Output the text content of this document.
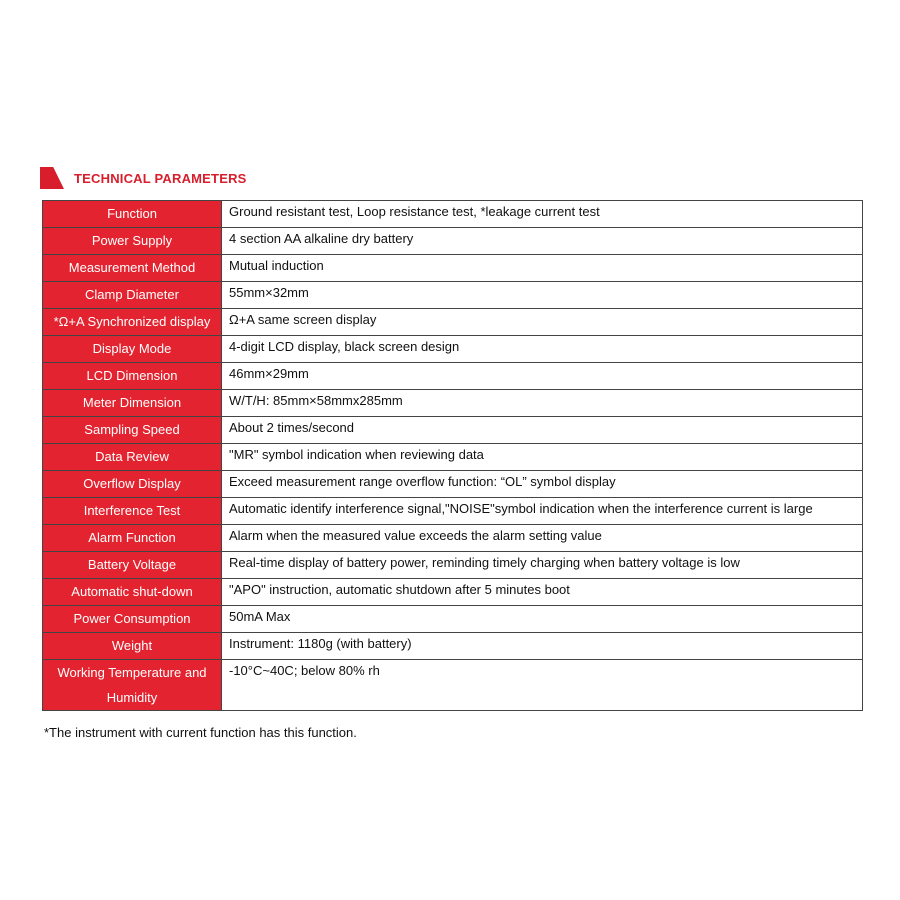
TECHNICAL PARAMETERS
Function	Ground resistant test, Loop resistance test, *leakage current test
Power Supply	4 section AA alkaline dry battery
Measurement Method	Mutual induction
Clamp Diameter	55mm×32mm
*Ω+A Synchronized display	Ω+A same screen display
Display Mode	4-digit LCD display, black screen design
LCD Dimension	46mm×29mm
Meter Dimension	W/T/H: 85mm×58mmx285mm
Sampling Speed	About 2 times/second
Data Review	"MR" symbol indication when reviewing data
Overflow Display	Exceed measurement range overflow function: “OL” symbol display
Interference Test	Automatic identify interference signal,"NOISE"symbol indication when the interference current is large
Alarm Function	Alarm when the measured value exceeds the alarm setting value
Battery Voltage	Real-time display of battery power, reminding timely charging when battery voltage is low
Automatic shut-down	"APO" instruction, automatic shutdown after 5 minutes boot
Power Consumption	50mA Max
Weight	Instrument: 1180g (with battery)
Working Temperature and Humidity	-10°C~40C; below 80% rh
*The instrument with current function has this function.
